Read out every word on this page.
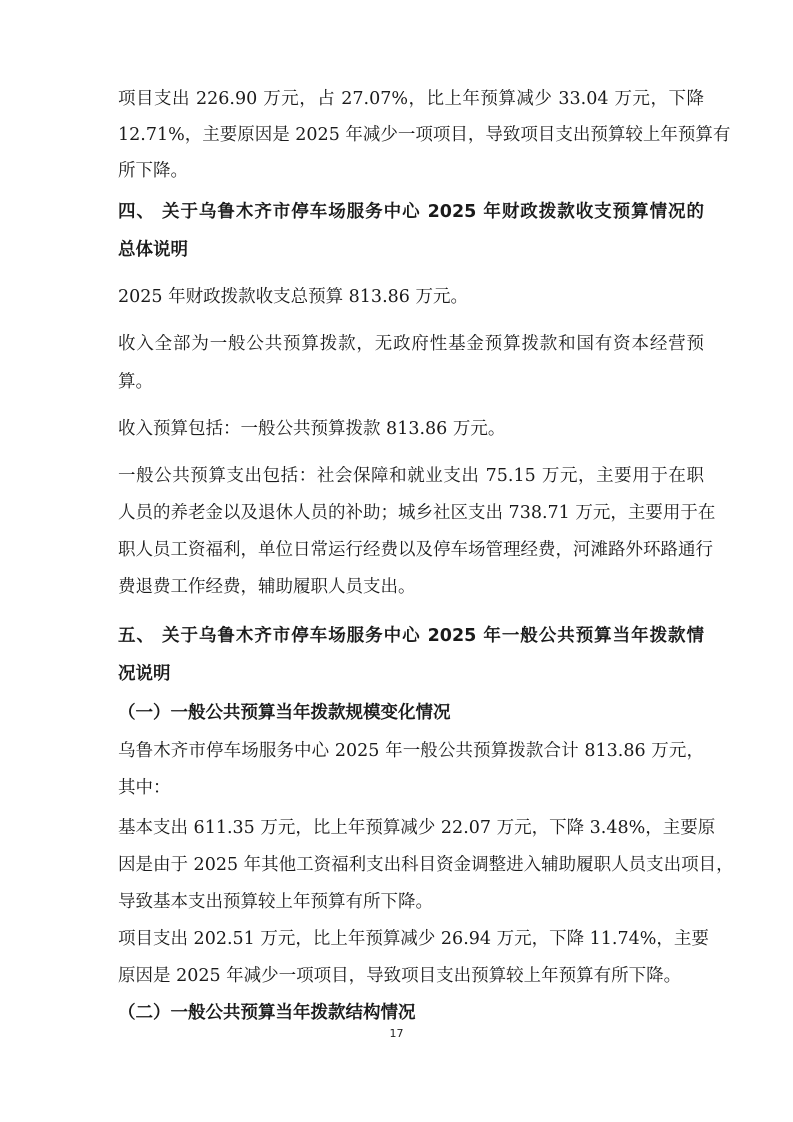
项目支出 226.90 万元，占 27.07%，比上年预算减少 33.04 万元，下降
12.71%，主要原因是 2025 年减少一项项目，导致项目支出预算较上年预算有
所下降。
四、 关于乌鲁木齐市停车场服务中心 2025 年财政拨款收支预算情况的
总体说明
2025 年财政拨款收支总预算 813.86 万元。
收入全部为一般公共预算拨款，无政府性基金预算拨款和国有资本经营预
算。
收入预算包括：一般公共预算拨款 813.86 万元。
一般公共预算支出包括：社会保障和就业支出 75.15 万元，主要用于在职
人员的养老金以及退休人员的补助；城乡社区支出 738.71 万元，主要用于在
职人员工资福利，单位日常运行经费以及停车场管理经费，河滩路外环路通行
费退费工作经费，辅助履职人员支出。
五、 关于乌鲁木齐市停车场服务中心 2025 年一般公共预算当年拨款情
况说明
（一）一般公共预算当年拨款规模变化情况
乌鲁木齐市停车场服务中心 2025 年一般公共预算拨款合计 813.86 万元，
其中：
基本支出 611.35 万元，比上年预算减少 22.07 万元，下降 3.48%，主要原
因是由于 2025 年其他工资福利支出科目资金调整进入辅助履职人员支出项目，
导致基本支出预算较上年预算有所下降。
项目支出 202.51 万元，比上年预算减少 26.94 万元，下降 11.74%，主要
原因是 2025 年减少一项项目，导致项目支出预算较上年预算有所下降。
（二）一般公共预算当年拨款结构情况
17
